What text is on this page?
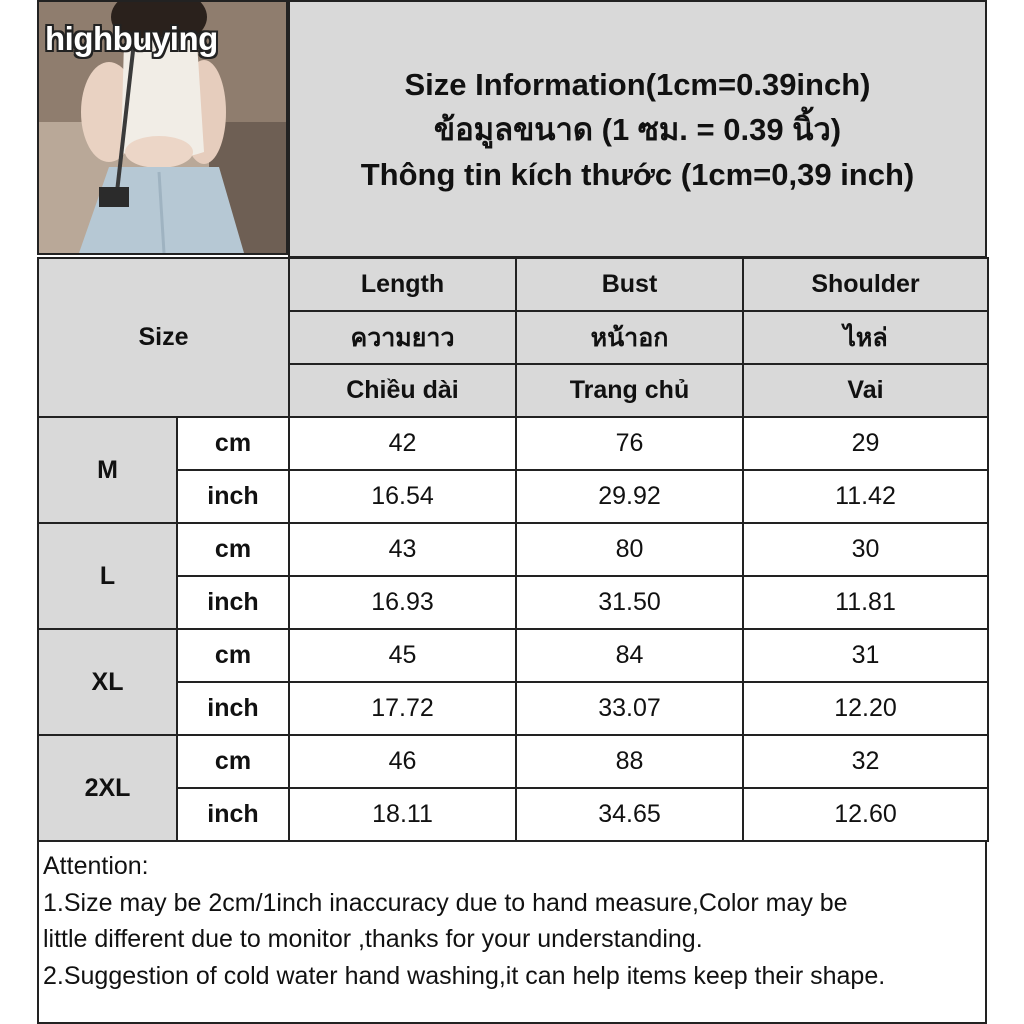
highbuying
Size Information(1cm=0.39inch)
ข้อมูลขนาด (1 ซม. = 0.39 นิ้ว)
Thông tin kích thước (1cm=0,39 inch)
Size		Length	Bust	Shoulder
		ความยาว	หน้าอก	ไหล่
		Chiều dài	Trang chủ	Vai
M	cm	42	76	29
	inch	16.54	29.92	11.42
L	cm	43	80	30
	inch	16.93	31.50	11.81
XL	cm	45	84	31
	inch	17.72	33.07	12.20
2XL	cm	46	88	32
	inch	18.11	34.65	12.60
Attention:
1.Size may be 2cm/1inch inaccuracy due to hand measure,Color may be
little different due to monitor ,thanks for your understanding.
2.Suggestion of cold water hand washing,it can help items keep their shape.
